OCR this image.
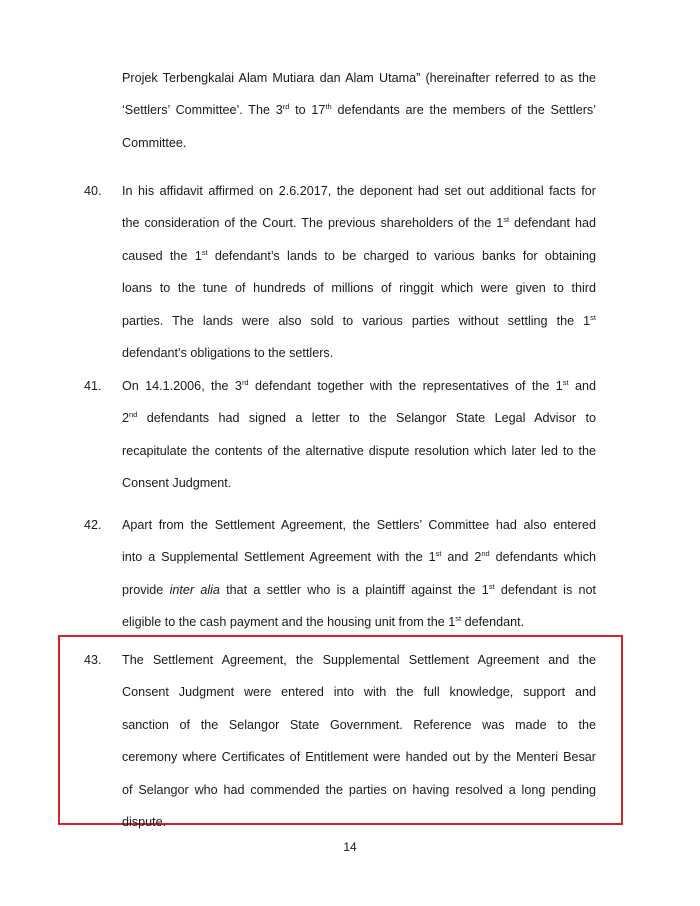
Projek Terbengkalai Alam Mutiara dan Alam Utama” (hereinafter referred to as the
‘Settlers’ Committee’. The 3rd to 17th defendants are the members of the Settlers’
Committee.
40. In his affidavit affirmed on 2.6.2017, the deponent had set out additional facts for
the consideration of the Court. The previous shareholders of the 1st defendant had
caused the 1st defendant’s lands to be charged to various banks for obtaining
loans to the tune of hundreds of millions of ringgit which were given to third
parties. The lands were also sold to various parties without settling the 1st
defendant’s obligations to the settlers.
41. On 14.1.2006, the 3rd defendant together with the representatives of the 1st and
2nd defendants had signed a letter to the Selangor State Legal Advisor to
recapitulate the contents of the alternative dispute resolution which later led to the
Consent Judgment.
42. Apart from the Settlement Agreement, the Settlers’ Committee had also entered
into a Supplemental Settlement Agreement with the 1st and 2nd defendants which
provide inter alia that a settler who is a plaintiff against the 1st defendant is not
eligible to the cash payment and the housing unit from the 1st defendant.
43. The Settlement Agreement, the Supplemental Settlement Agreement and the
Consent Judgment were entered into with the full knowledge, support and
sanction of the Selangor State Government. Reference was made to the
ceremony where Certificates of Entitlement were handed out by the Menteri Besar
of Selangor who had commended the parties on having resolved a long pending
dispute.
14
